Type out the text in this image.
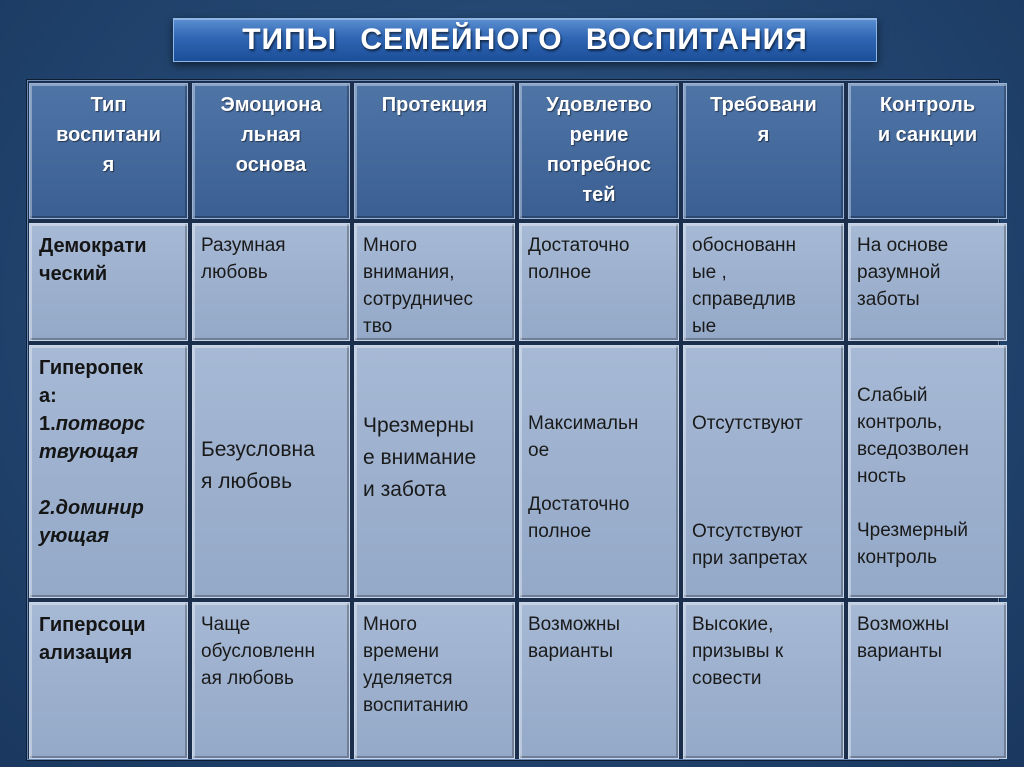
ТИПЫ СЕМЕЙНОГО ВОСПИТАНИЯ
Тип
воспитани
я
Эмоциона
льная
основа
Протекция	Удовлетво
рение
потребнос
тей
Требовани
я
Контроль
и санкции
Демократи
ческий
Разумная
любовь
Много
внимания,
сотрудничес
тво
Достаточно
полное
обоснованн
ые ,
справедлив
ые
На основе
разумной
заботы
Гиперопек
а:
1.потворс
твующая
2.доминир
ующая
Безусловна
я любовь
Чрезмерны
е внимание
и забота
Максимальн
ое
Достаточно
полное
Отсутствуют
Отсутствуют
при запретах
Слабый
контроль,
вседозволен
ность
Чрезмерный
контроль
Гиперсоци
ализация
Чаще
обусловленн
ая любовь
Много
времени
уделяется
воспитанию
Возможны
варианты
Высокие,
призывы к
совести
Возможны
варианты
